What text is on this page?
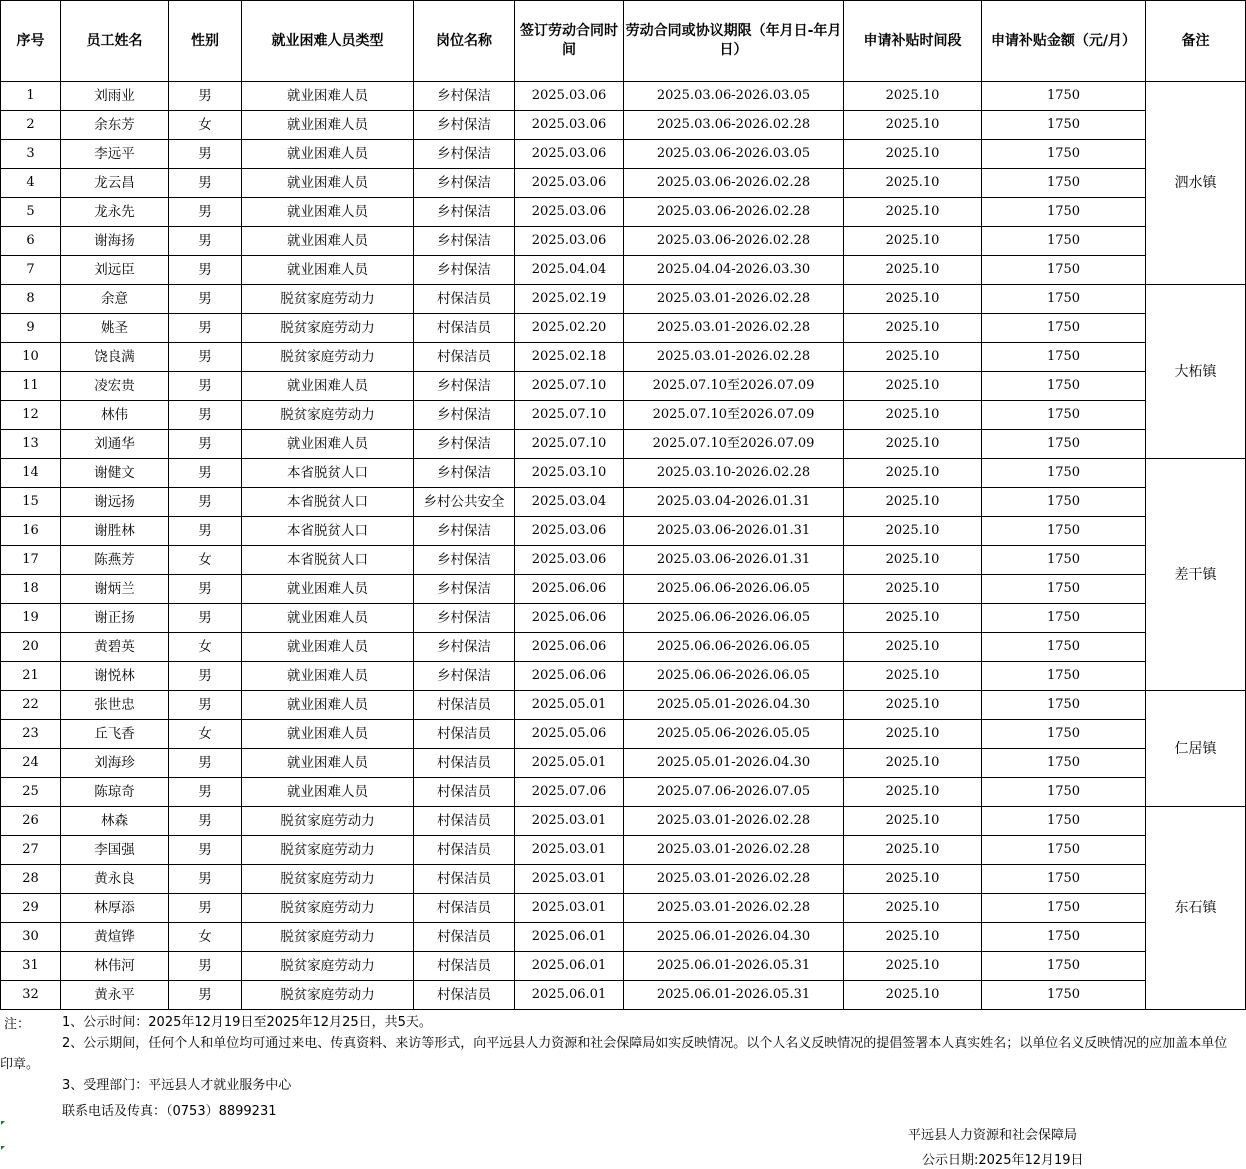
序号	员工姓名	性别	就业困难人员类型	岗位名称	签订劳动合同时间	劳动合同或协议期限（年月日-年月日）	申请补贴时间段	申请补贴金额（元/月）	备注
1	刘雨业	男	就业困难人员	乡村保洁	2025.03.06	2025.03.06-2026.03.05	2025.10	1750	泗水镇
2	余东芳	女	就业困难人员	乡村保洁	2025.03.06	2025.03.06-2026.02.28	2025.10	1750	
3	李远平	男	就业困难人员	乡村保洁	2025.03.06	2025.03.06-2026.03.05	2025.10	1750	
4	龙云昌	男	就业困难人员	乡村保洁	2025.03.06	2025.03.06-2026.02.28	2025.10	1750	
5	龙永先	男	就业困难人员	乡村保洁	2025.03.06	2025.03.06-2026.02.28	2025.10	1750	
6	谢海扬	男	就业困难人员	乡村保洁	2025.03.06	2025.03.06-2026.02.28	2025.10	1750	
7	刘远臣	男	就业困难人员	乡村保洁	2025.04.04	2025.04.04-2026.03.30	2025.10	1750	
8	余意	男	脱贫家庭劳动力	村保洁员	2025.02.19	2025.03.01-2026.02.28	2025.10	1750	大柘镇
9	姚圣	男	脱贫家庭劳动力	村保洁员	2025.02.20	2025.03.01-2026.02.28	2025.10	1750	
10	饶良满	男	脱贫家庭劳动力	村保洁员	2025.02.18	2025.03.01-2026.02.28	2025.10	1750	
11	凌宏贵	男	就业困难人员	乡村保洁	2025.07.10	2025.07.10至2026.07.09	2025.10	1750	
12	林伟	男	脱贫家庭劳动力	乡村保洁	2025.07.10	2025.07.10至2026.07.09	2025.10	1750	
13	刘通华	男	就业困难人员	乡村保洁	2025.07.10	2025.07.10至2026.07.09	2025.10	1750	
14	谢健文	男	本省脱贫人口	乡村保洁	2025.03.10	2025.03.10-2026.02.28	2025.10	1750	差干镇
15	谢远扬	男	本省脱贫人口	乡村公共安全	2025.03.04	2025.03.04-2026.01.31	2025.10	1750	
16	谢胜林	男	本省脱贫人口	乡村保洁	2025.03.06	2025.03.06-2026.01.31	2025.10	1750	
17	陈燕芳	女	本省脱贫人口	乡村保洁	2025.03.06	2025.03.06-2026.01.31	2025.10	1750	
18	谢炳兰	男	就业困难人员	乡村保洁	2025.06.06	2025.06.06-2026.06.05	2025.10	1750	
19	谢正扬	男	就业困难人员	乡村保洁	2025.06.06	2025.06.06-2026.06.05	2025.10	1750	
20	黄碧英	女	就业困难人员	乡村保洁	2025.06.06	2025.06.06-2026.06.05	2025.10	1750	
21	谢悦林	男	就业困难人员	乡村保洁	2025.06.06	2025.06.06-2026.06.05	2025.10	1750	
22	张世忠	男	就业困难人员	村保洁员	2025.05.01	2025.05.01-2026.04.30	2025.10	1750	仁居镇
23	丘飞香	女	就业困难人员	村保洁员	2025.05.06	2025.05.06-2026.05.05	2025.10	1750	
24	刘海珍	男	就业困难人员	村保洁员	2025.05.01	2025.05.01-2026.04.30	2025.10	1750	
25	陈琼奇	男	就业困难人员	村保洁员	2025.07.06	2025.07.06-2026.07.05	2025.10	1750	
26	林森	男	脱贫家庭劳动力	村保洁员	2025.03.01	2025.03.01-2026.02.28	2025.10	1750	东石镇
27	李国强	男	脱贫家庭劳动力	村保洁员	2025.03.01	2025.03.01-2026.02.28	2025.10	1750	
28	黄永良	男	脱贫家庭劳动力	村保洁员	2025.03.01	2025.03.01-2026.02.28	2025.10	1750	
29	林厚添	男	脱贫家庭劳动力	村保洁员	2025.03.01	2025.03.01-2026.02.28	2025.10	1750	
30	黄煊铧	女	脱贫家庭劳动力	村保洁员	2025.06.01	2025.06.01-2026.04.30	2025.10	1750	
31	林伟河	男	脱贫家庭劳动力	村保洁员	2025.06.01	2025.06.01-2026.05.31	2025.10	1750	
32	黄永平	男	脱贫家庭劳动力	村保洁员	2025.06.01	2025.06.01-2026.05.31	2025.10	1750	
注： 1、公示时间：2025年12月19日至2025年12月25日，共5天。
2、公示期间，任何个人和单位均可通过来电、传真资料、来访等形式，向平远县人力资源和社会保障局如实反映情况。以个人名义反映情况的提倡签署本人真实姓名；以单位名义反映情况的应加盖本单位印章。
3、受理部门：平远县人才就业服务中心
联系电话及传真：（0753）8899231
平远县人力资源和社会保障局
公示日期:2025年12月19日
